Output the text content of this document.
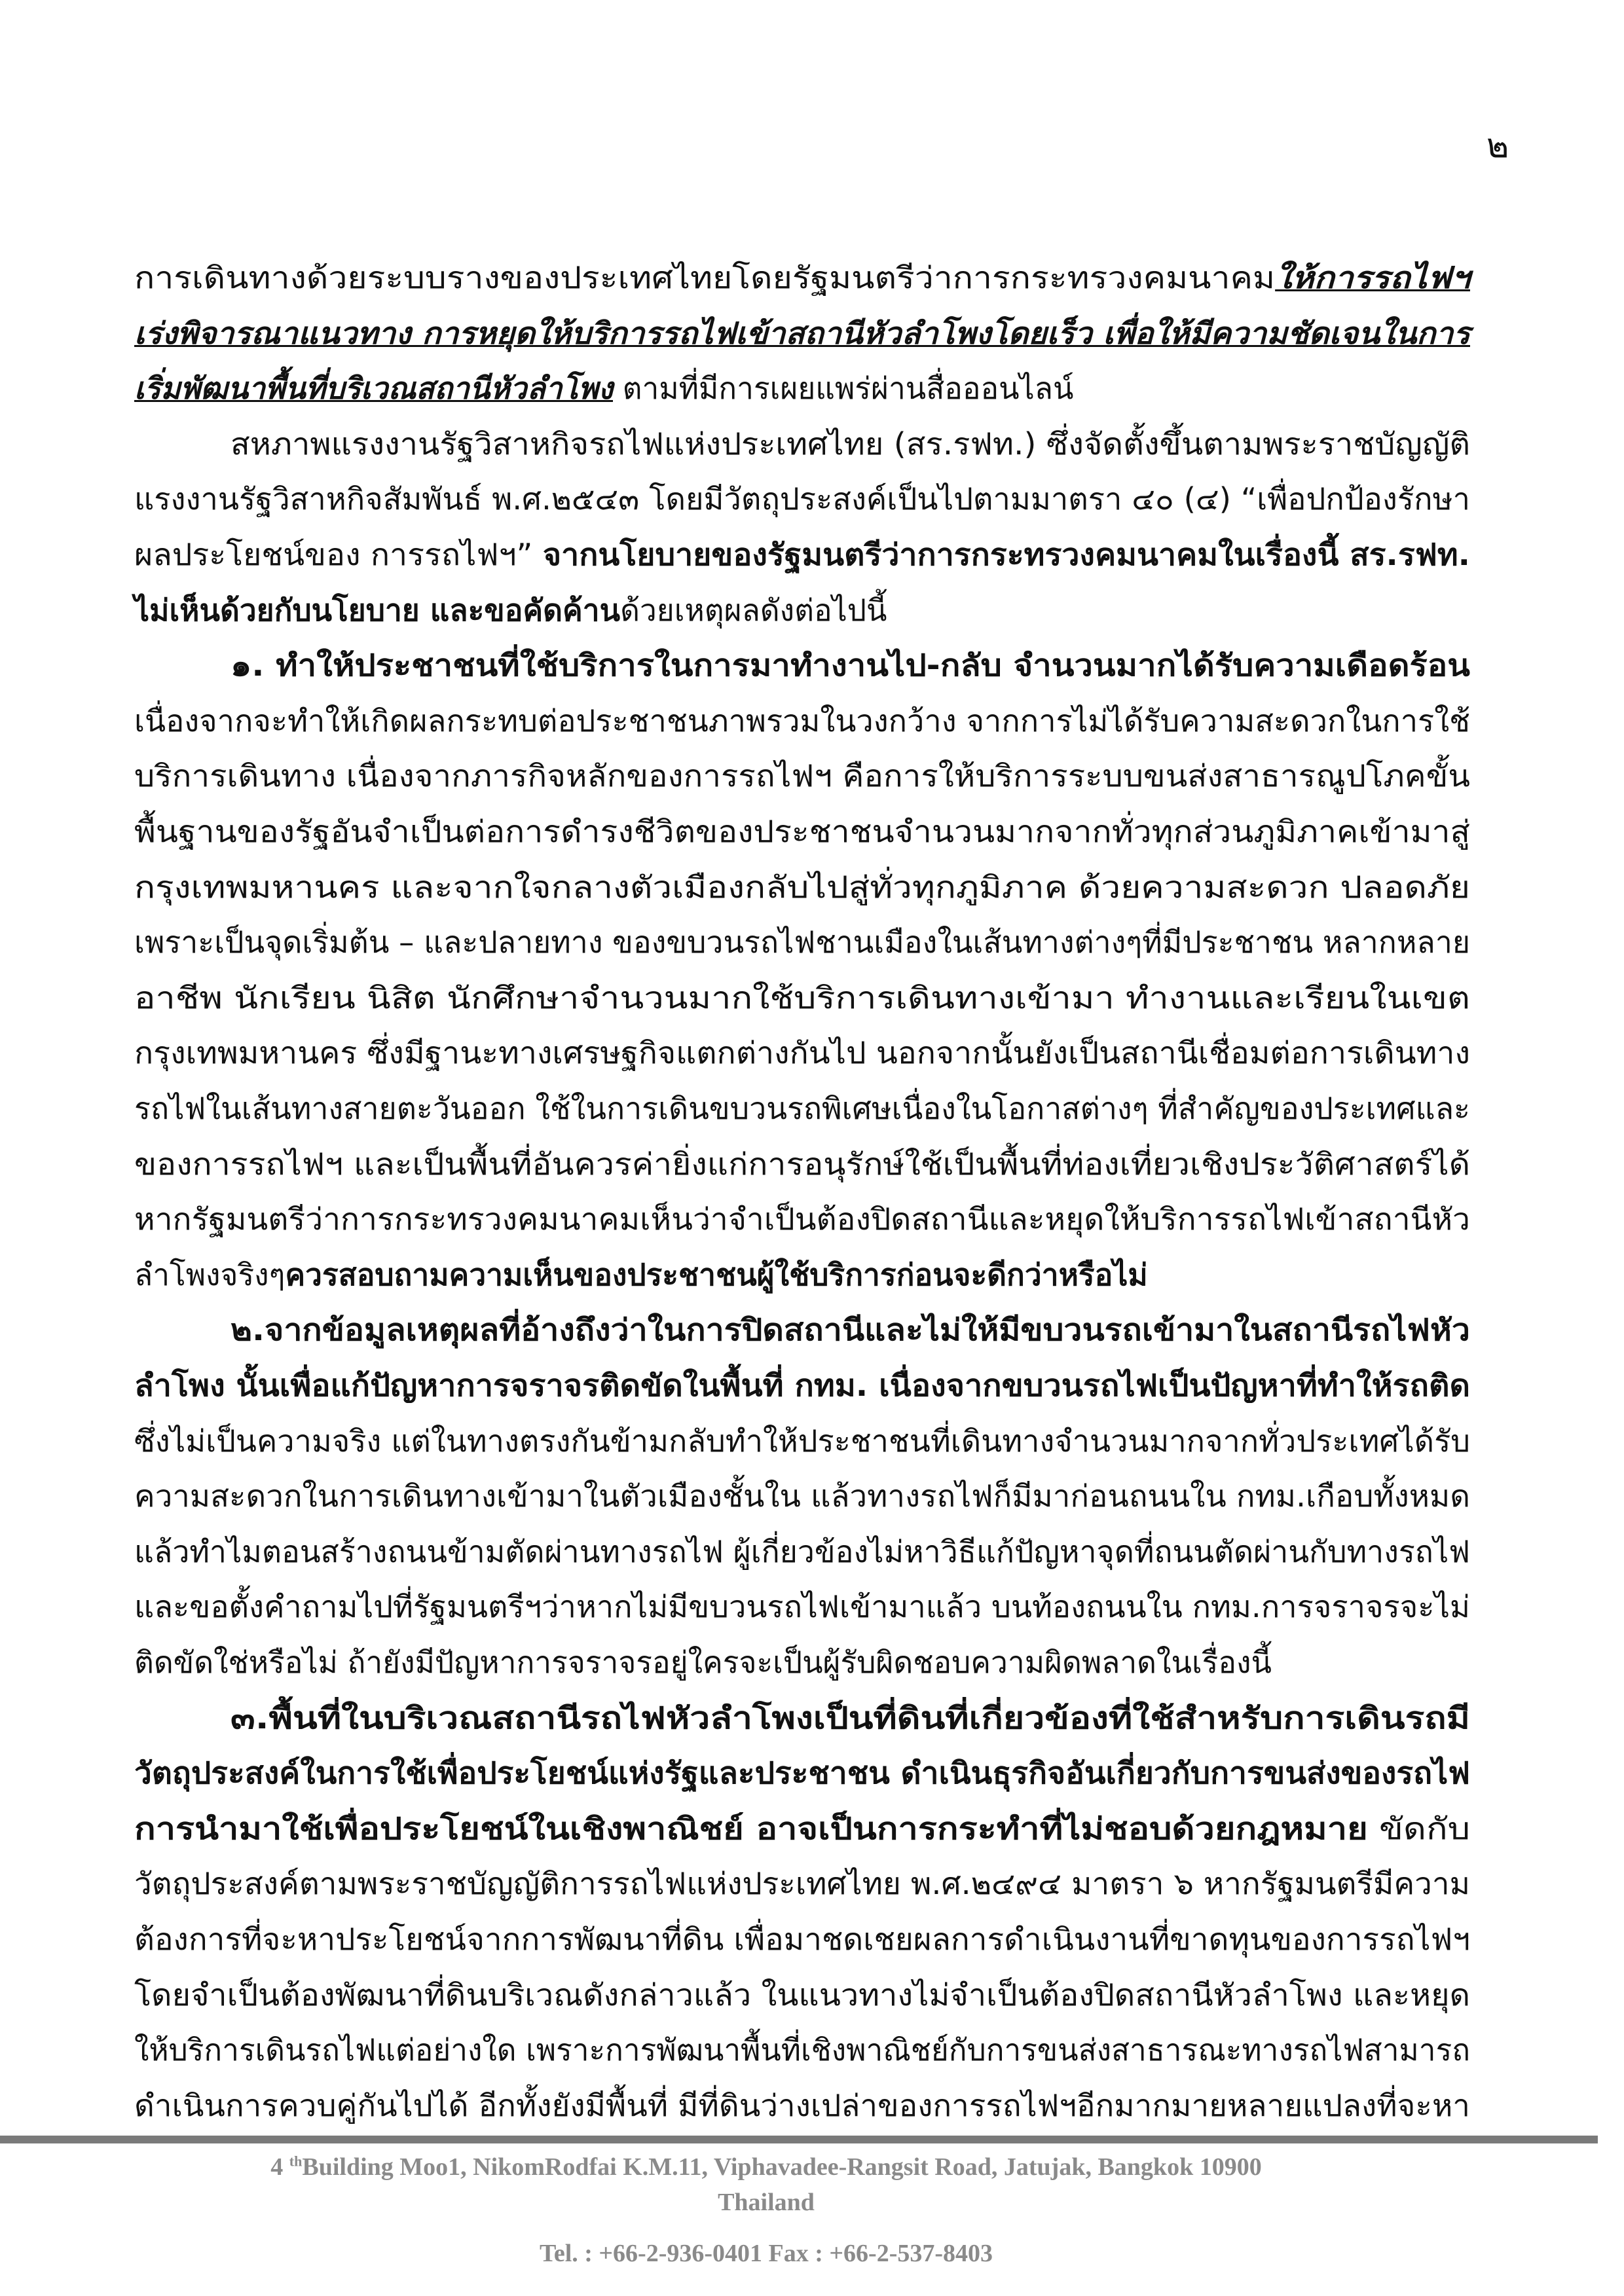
๒
การเดินทางด้วยระบบรางของประเทศไทยโดยรัฐมนตรีว่าการกระทรวงคมนาคมให้การรถไฟฯ
เร่งพิจารณาแนวทาง การหยุดให้บริการรถไฟเข้าสถานีหัวลำโพงโดยเร็ว เพื่อให้มีความชัดเจนในการ
เริ่มพัฒนาพื้นที่บริเวณสถานีหัวลำโพง ตามที่มีการเผยแพร่ผ่านสื่อออนไลน์
สหภาพแรงงานรัฐวิสาหกิจรถไฟแห่งประเทศไทย (สร.รฟท.) ซึ่งจัดตั้งขึ้นตามพระราชบัญญัติ
แรงงานรัฐวิสาหกิจสัมพันธ์ พ.ศ.๒๕๔๓ โดยมีวัตถุประสงค์เป็นไปตามมาตรา ๔๐ (๔) “เพื่อปกป้องรักษา
ผลประโยชน์ของ การรถไฟฯ” จากนโยบายของรัฐมนตรีว่าการกระทรวงคมนาคมในเรื่องนี้ สร.รฟท.
ไม่เห็นด้วยกับนโยบาย และขอคัดค้านด้วยเหตุผลดังต่อไปนี้
๑. ทำให้ประชาชนที่ใช้บริการในการมาทำงานไป-กลับ จำนวนมากได้รับความเดือดร้อน
เนื่องจากจะทำให้เกิดผลกระทบต่อประชาชนภาพรวมในวงกว้าง จากการไม่ได้รับความสะดวกในการใช้
บริการเดินทาง เนื่องจากภารกิจหลักของการรถไฟฯ คือการให้บริการระบบขนส่งสาธารณูปโภคขั้น
พื้นฐานของรัฐอันจำเป็นต่อการดำรงชีวิตของประชาชนจำนวนมากจากทั่วทุกส่วนภูมิภาคเข้ามาสู่
กรุงเทพมหานคร และจากใจกลางตัวเมืองกลับไปสู่ทั่วทุกภูมิภาค ด้วยความสะดวก ปลอดภัย
เพราะเป็นจุดเริ่มต้น – และปลายทาง ของขบวนรถไฟชานเมืองในเส้นทางต่างๆที่มีประชาชน หลากหลาย
อาชีพ นักเรียน นิสิต นักศึกษาจำนวนมากใช้บริการเดินทางเข้ามา ทำงานและเรียนในเขต
กรุงเทพมหานคร ซึ่งมีฐานะทางเศรษฐกิจแตกต่างกันไป นอกจากนั้นยังเป็นสถานีเชื่อมต่อการเดินทาง
รถไฟในเส้นทางสายตะวันออก ใช้ในการเดินขบวนรถพิเศษเนื่องในโอกาสต่างๆ ที่สำคัญของประเทศและ
ของการรถไฟฯ และเป็นพื้นที่อันควรค่ายิ่งแก่การอนุรักษ์ใช้เป็นพื้นที่ท่องเที่ยวเชิงประวัติศาสตร์ได้
หากรัฐมนตรีว่าการกระทรวงคมนาคมเห็นว่าจำเป็นต้องปิดสถานีและหยุดให้บริการรถไฟเข้าสถานีหัว
ลำโพงจริงๆควรสอบถามความเห็นของประชาชนผู้ใช้บริการก่อนจะดีกว่าหรือไม่
๒.จากข้อมูลเหตุผลที่อ้างถึงว่าในการปิดสถานีและไม่ให้มีขบวนรถเข้ามาในสถานีรถไฟหัว
ลำโพง นั้นเพื่อแก้ปัญหาการจราจรติดขัดในพื้นที่ กทม. เนื่องจากขบวนรถไฟเป็นปัญหาที่ทำให้รถติด
ซึ่งไม่เป็นความจริง แต่ในทางตรงกันข้ามกลับทำให้ประชาชนที่เดินทางจำนวนมากจากทั่วประเทศได้รับ
ความสะดวกในการเดินทางเข้ามาในตัวเมืองชั้นใน แล้วทางรถไฟก็มีมาก่อนถนนใน กทม.เกือบทั้งหมด
แล้วทำไมตอนสร้างถนนข้ามตัดผ่านทางรถไฟ ผู้เกี่ยวข้องไม่หาวิธีแก้ปัญหาจุดที่ถนนตัดผ่านกับทางรถไฟ
และขอตั้งคำถามไปที่รัฐมนตรีฯว่าหากไม่มีขบวนรถไฟเข้ามาแล้ว บนท้องถนนใน กทม.การจราจรจะไม่
ติดขัดใช่หรือไม่ ถ้ายังมีปัญหาการจราจรอยู่ใครจะเป็นผู้รับผิดชอบความผิดพลาดในเรื่องนี้
๓.พื้นที่ในบริเวณสถานีรถไฟหัวลำโพงเป็นที่ดินที่เกี่ยวข้องที่ใช้สำหรับการเดินรถมี
วัตถุประสงค์ในการใช้เพื่อประโยชน์แห่งรัฐและประชาชน ดำเนินธุรกิจอันเกี่ยวกับการขนส่งของรถไฟ
การนำมาใช้เพื่อประโยชน์ในเชิงพาณิชย์ อาจเป็นการกระทำที่ไม่ชอบด้วยกฎหมาย ขัดกับ
วัตถุประสงค์ตามพระราชบัญญัติการรถไฟแห่งประเทศไทย พ.ศ.๒๔๙๔ มาตรา ๖ หากรัฐมนตรีมีความ
ต้องการที่จะหาประโยชน์จากการพัฒนาที่ดิน เพื่อมาชดเชยผลการดำเนินงานที่ขาดทุนของการรถไฟฯ
โดยจำเป็นต้องพัฒนาที่ดินบริเวณดังกล่าวแล้ว ในแนวทางไม่จำเป็นต้องปิดสถานีหัวลำโพง และหยุด
ให้บริการเดินรถไฟแต่อย่างใด เพราะการพัฒนาพื้นที่เชิงพาณิชย์กับการขนส่งสาธารณะทางรถไฟสามารถ
ดำเนินการควบคู่กันไปได้ อีกทั้งยังมีพื้นที่ มีที่ดินว่างเปล่าของการรถไฟฯอีกมากมายหลายแปลงที่จะหา
4 $^{th}$Building Moo1, NikomRodfai K.M.11, Viphavadee-Rangsit Road, Jatujak, Bangkok 10900
Thailand
Tel. : +66-2-936-0401 Fax : +66-2-537-8403
